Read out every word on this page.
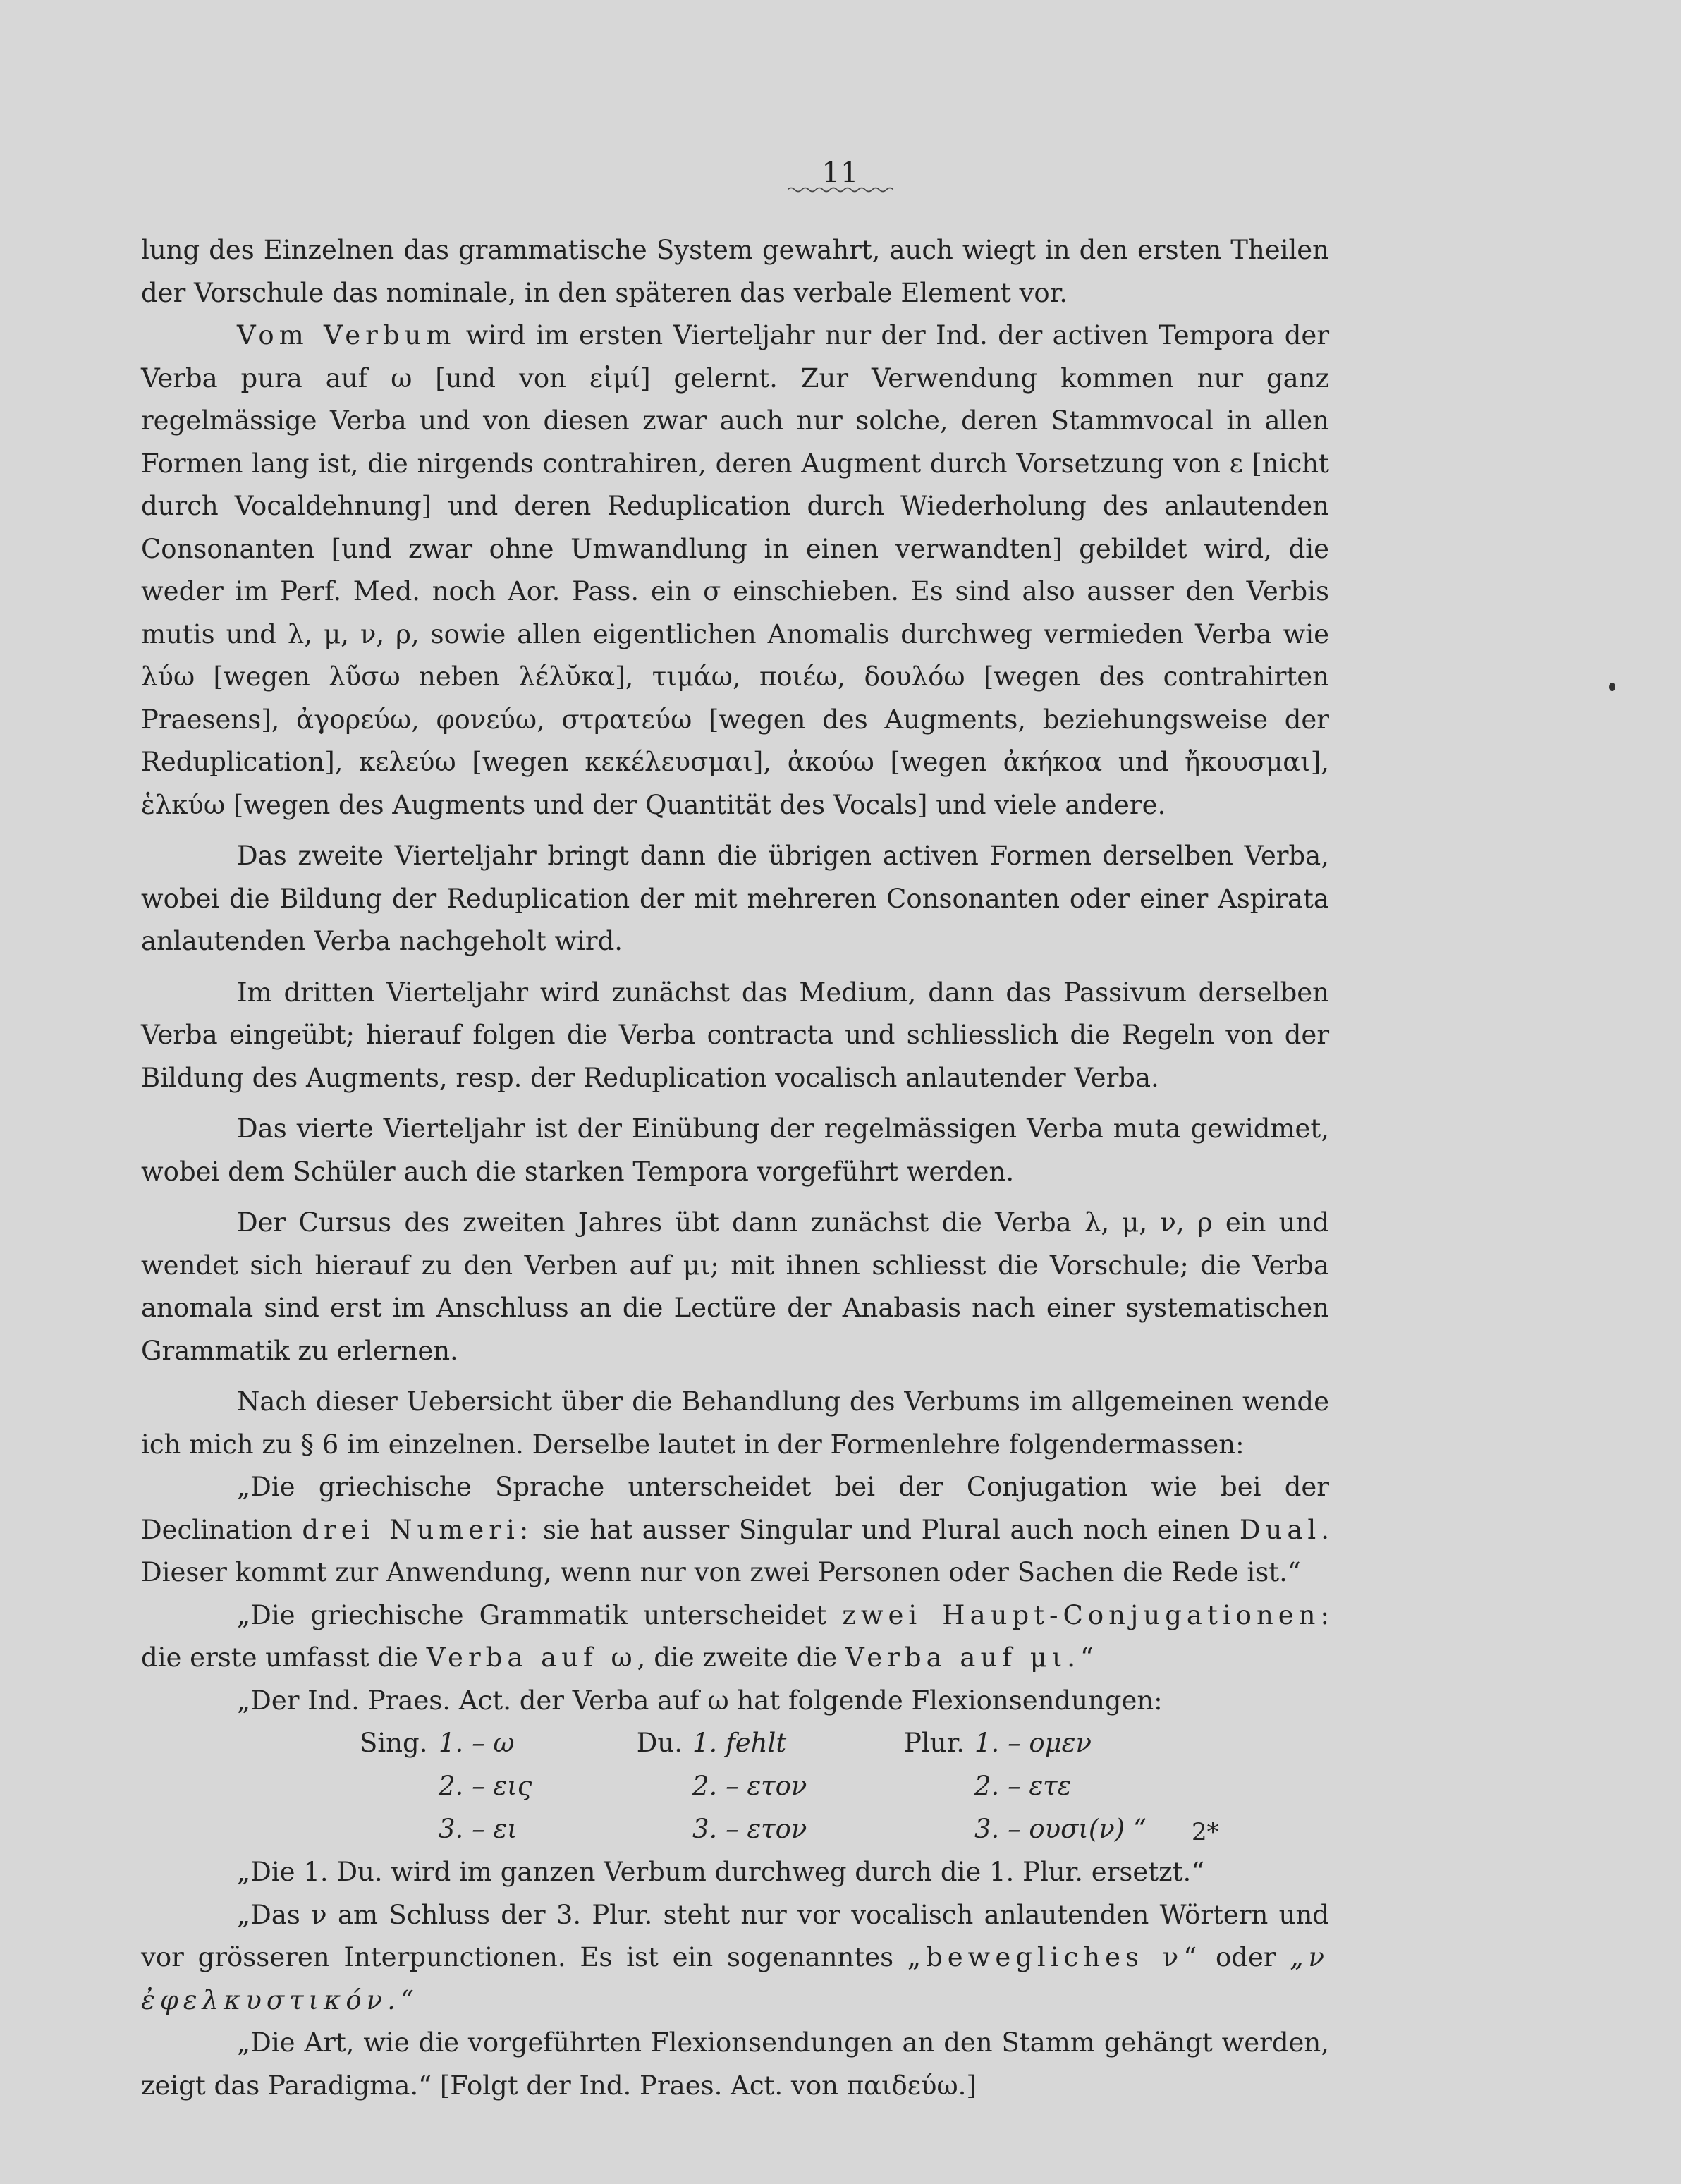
11

lung des Einzelnen das grammatische System gewahrt, auch wiegt in den ersten Theilen der Vorschule das nominale, in den späteren das verbale Element vor.

Vom Verbum wird im ersten Vierteljahr nur der Ind. der activen Tempora der Verba pura auf ω [und von εἰμί] gelernt. Zur Verwendung kommen nur ganz regelmässige Verba und von diesen zwar auch nur solche, deren Stammvocal in allen Formen lang ist, die nirgends contrahiren, deren Augment durch Vorsetzung von ε [nicht durch Vocaldehnung] und deren Reduplication durch Wiederholung des anlautenden Consonanten [und zwar ohne Umwandlung in einen verwandten] gebildet wird, die weder im Perf. Med. noch Aor. Pass. ein σ einschieben. Es sind also ausser den Verbis mutis und λ, μ, ν, ρ, sowie allen eigentlichen Anomalis durchweg vermieden Verba wie λύω [wegen λῦσω neben λέλῠκα], τιμάω, ποιέω, δουλόω [wegen des contrahirten Praesens], ἀγορεύω, φονεύω, στρατεύω [wegen des Augments, beziehungsweise der Reduplication], κελεύω [wegen κεκέλευσμαι], ἀκούω [wegen ἀκήκοα und ἤκουσμαι], ἑλκύω [wegen des Augments und der Quantität des Vocals] und viele andere.

Das zweite Vierteljahr bringt dann die übrigen activen Formen derselben Verba, wobei die Bildung der Reduplication der mit mehreren Consonanten oder einer Aspirata anlautenden Verba nachgeholt wird.

Im dritten Vierteljahr wird zunächst das Medium, dann das Passivum derselben Verba eingeübt; hierauf folgen die Verba contracta und schliesslich die Regeln von der Bildung des Augments, resp. der Reduplication vocalisch anlautender Verba.

Das vierte Vierteljahr ist der Einübung der regelmässigen Verba muta gewidmet, wobei dem Schüler auch die starken Tempora vorgeführt werden.

Der Cursus des zweiten Jahres übt dann zunächst die Verba λ, μ, ν, ρ ein und wendet sich hierauf zu den Verben auf μι; mit ihnen schliesst die Vorschule; die Verba anomala sind erst im Anschluss an die Lectüre der Anabasis nach einer systematischen Grammatik zu erlernen.

Nach dieser Uebersicht über die Behandlung des Verbums im allgemeinen wende ich mich zu § 6 im einzelnen. Derselbe lautet in der Formenlehre folgendermassen:

„Die griechische Sprache unterscheidet bei der Conjugation wie bei der Declination drei Numeri: sie hat ausser Singular und Plural auch noch einen Dual. Dieser kommt zur Anwendung, wenn nur von zwei Personen oder Sachen die Rede ist.“

„Die griechische Grammatik unterscheidet zwei Haupt-Conjugationen: die erste umfasst die Verba auf ω, die zweite die Verba auf μι.“

„Der Ind. Praes. Act. der Verba auf ω hat folgende Flexionsendungen:

Sing. 1. – ω
2. – εις
3. – ει
Du. 1. fehlt
2. – ετον
3. – ετον
Plur. 1. – ομεν
2. – ετε
3. – ουσι(ν) “

„Die 1. Du. wird im ganzen Verbum durchweg durch die 1. Plur. ersetzt.“

„Das ν am Schluss der 3. Plur. steht nur vor vocalisch anlautenden Wörtern und vor grösseren Interpunctionen. Es ist ein sogenanntes „bewegliches ν“ oder „ν ἐφελκυστικόν.“

„Die Art, wie die vorgeführten Flexionsendungen an den Stamm gehängt werden, zeigt das Paradigma.“ [Folgt der Ind. Praes. Act. von παιδεύω.]

2*
